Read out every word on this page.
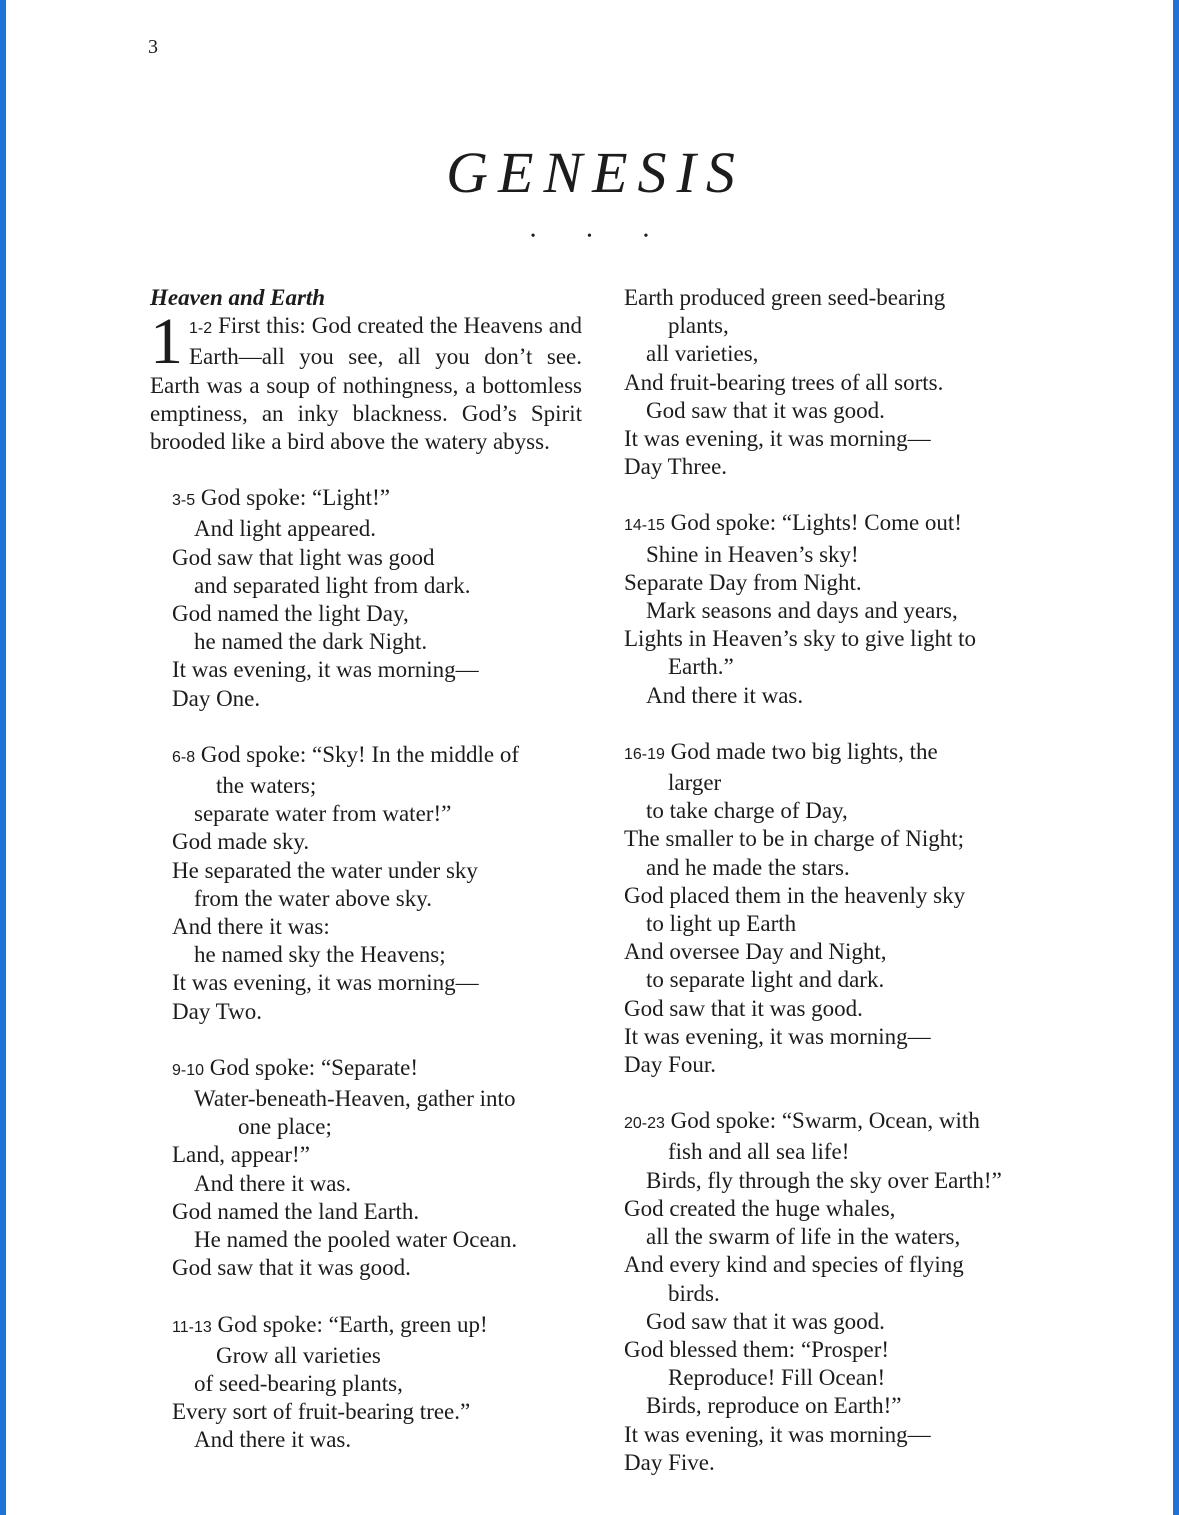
3
GENESIS
• • •
Heaven and Earth
1 1-2 First this: God created the Heavens and Earth—all you see, all you don’t see. Earth was a soup of nothingness, a bottomless emptiness, an inky blackness. God’s Spirit brooded like a bird above the watery abyss.
3-5 God spoke: “Light!”
And light appeared.
God saw that light was good
and separated light from dark.
God named the light Day,
he named the dark Night.
It was evening, it was morning—
Day One.
6-8 God spoke: “Sky! In the middle of
the waters;
separate water from water!”
God made sky.
He separated the water under sky
from the water above sky.
And there it was:
he named sky the Heavens;
It was evening, it was morning—
Day Two.
9-10 God spoke: “Separate!
Water-beneath-Heaven, gather into
one place;
Land, appear!”
And there it was.
God named the land Earth.
He named the pooled water Ocean.
God saw that it was good.
11-13 God spoke: “Earth, green up!
Grow all varieties
of seed-bearing plants,
Every sort of fruit-bearing tree.”
And there it was.
Earth produced green seed-bearing
plants,
all varieties,
And fruit-bearing trees of all sorts.
God saw that it was good.
It was evening, it was morning—
Day Three.
14-15 God spoke: “Lights! Come out!
Shine in Heaven’s sky!
Separate Day from Night.
Mark seasons and days and years,
Lights in Heaven’s sky to give light to
Earth.”
And there it was.
16-19 God made two big lights, the
larger
to take charge of Day,
The smaller to be in charge of Night;
and he made the stars.
God placed them in the heavenly sky
to light up Earth
And oversee Day and Night,
to separate light and dark.
God saw that it was good.
It was evening, it was morning—
Day Four.
20-23 God spoke: “Swarm, Ocean, with
fish and all sea life!
Birds, fly through the sky over Earth!”
God created the huge whales,
all the swarm of life in the waters,
And every kind and species of flying
birds.
God saw that it was good.
God blessed them: “Prosper!
Reproduce! Fill Ocean!
Birds, reproduce on Earth!”
It was evening, it was morning—
Day Five.
